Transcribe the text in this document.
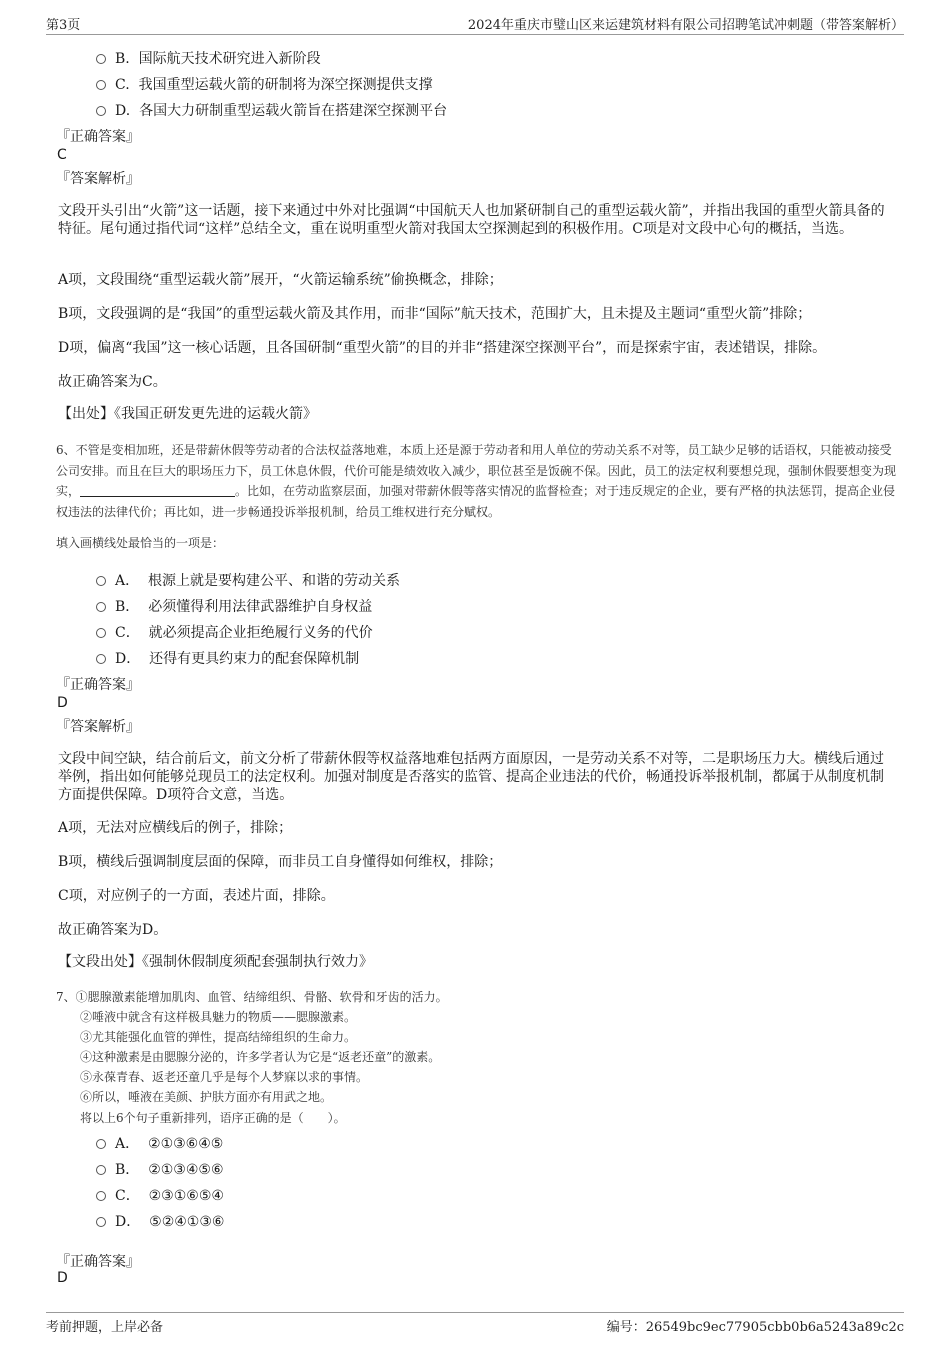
第3页	2024年重庆市璧山区来运建筑材料有限公司招聘笔试冲刺题（带答案解析）
B. 国际航天技术研究进入新阶段
C. 我国重型运载火箭的研制将为深空探测提供支撑
D. 各国大力研制重型运载火箭旨在搭建深空探测平台
『正确答案』
C
『答案解析』
文段开头引出“火箭”这一话题，接下来通过中外对比强调“中国航天人也加紧研制自己的重型运载火箭”，并指出我国的重型火箭具备的特征。尾句通过指代词“这样”总结全文，重在说明重型火箭对我国太空探测起到的积极作用。C项是对文段中心句的概括，当选。
A项，文段围绕“重型运载火箭”展开，“火箭运输系统”偷换概念，排除；
B项，文段强调的是“我国”的重型运载火箭及其作用，而非“国际”航天技术，范围扩大，且未提及主题词“重型火箭”排除；
D项，偏离“我国”这一核心话题，且各国研制“重型火箭”的目的并非“搭建深空探测平台”，而是探索宇宙，表述错误，排除。
故正确答案为C。
【出处】《我国正研发更先进的运载火箭》
6、不管是变相加班，还是带薪休假等劳动者的合法权益落地难，本质上还是源于劳动者和用人单位的劳动关系不对等，员工缺少足够的话语权，只能被动接受公司安排。而且在巨大的职场压力下，员工休息休假，代价可能是绩效收入减少，职位甚至是饭碗不保。因此，员工的法定权利要想兑现，强制休假要想变为现实，	。比如，在劳动监察层面，加强对带薪休假等落实情况的监督检查；对于违反规定的企业，要有严格的执法惩罚，提高企业侵权违法的法律代价；再比如，进一步畅通投诉举报机制，给员工维权进行充分赋权。
填入画横线处最恰当的一项是：
A． 根源上就是要构建公平、和谐的劳动关系
B． 必须懂得利用法律武器维护自身权益
C． 就必须提高企业拒绝履行义务的代价
D． 还得有更具约束力的配套保障机制
『正确答案』
D
『答案解析』
文段中间空缺，结合前后文，前文分析了带薪休假等权益落地难包括两方面原因，一是劳动关系不对等，二是职场压力大。横线后通过举例，指出如何能够兑现员工的法定权利。加强对制度是否落实的监管、提高企业违法的代价，畅通投诉举报机制，都属于从制度机制方面提供保障。D项符合文意，当选。
A项，无法对应横线后的例子，排除；
B项，横线后强调制度层面的保障，而非员工自身懂得如何维权，排除；
C项，对应例子的一方面，表述片面，排除。
故正确答案为D。
【文段出处】《强制休假制度须配套强制执行效力》
7、①腮腺激素能增加肌肉、血管、结缔组织、骨骼、软骨和牙齿的活力。
②唾液中就含有这样极具魅力的物质——腮腺激素。
③尤其能强化血管的弹性，提高结缔组织的生命力。
④这种激素是由腮腺分泌的，许多学者认为它是“返老还童”的激素。
⑤永葆青春、返老还童几乎是每个人梦寐以求的事情。
⑥所以，唾液在美颜、护肤方面亦有用武之地。
将以上6个句子重新排列，语序正确的是（　　）。
A． ②①③⑥④⑤
B． ②①③④⑤⑥
C． ②③①⑥⑤④
D． ⑤②④①③⑥
『正确答案』
D
考前押题，上岸必备	编号：26549bc9ec77905cbb0b6a5243a89c2c
